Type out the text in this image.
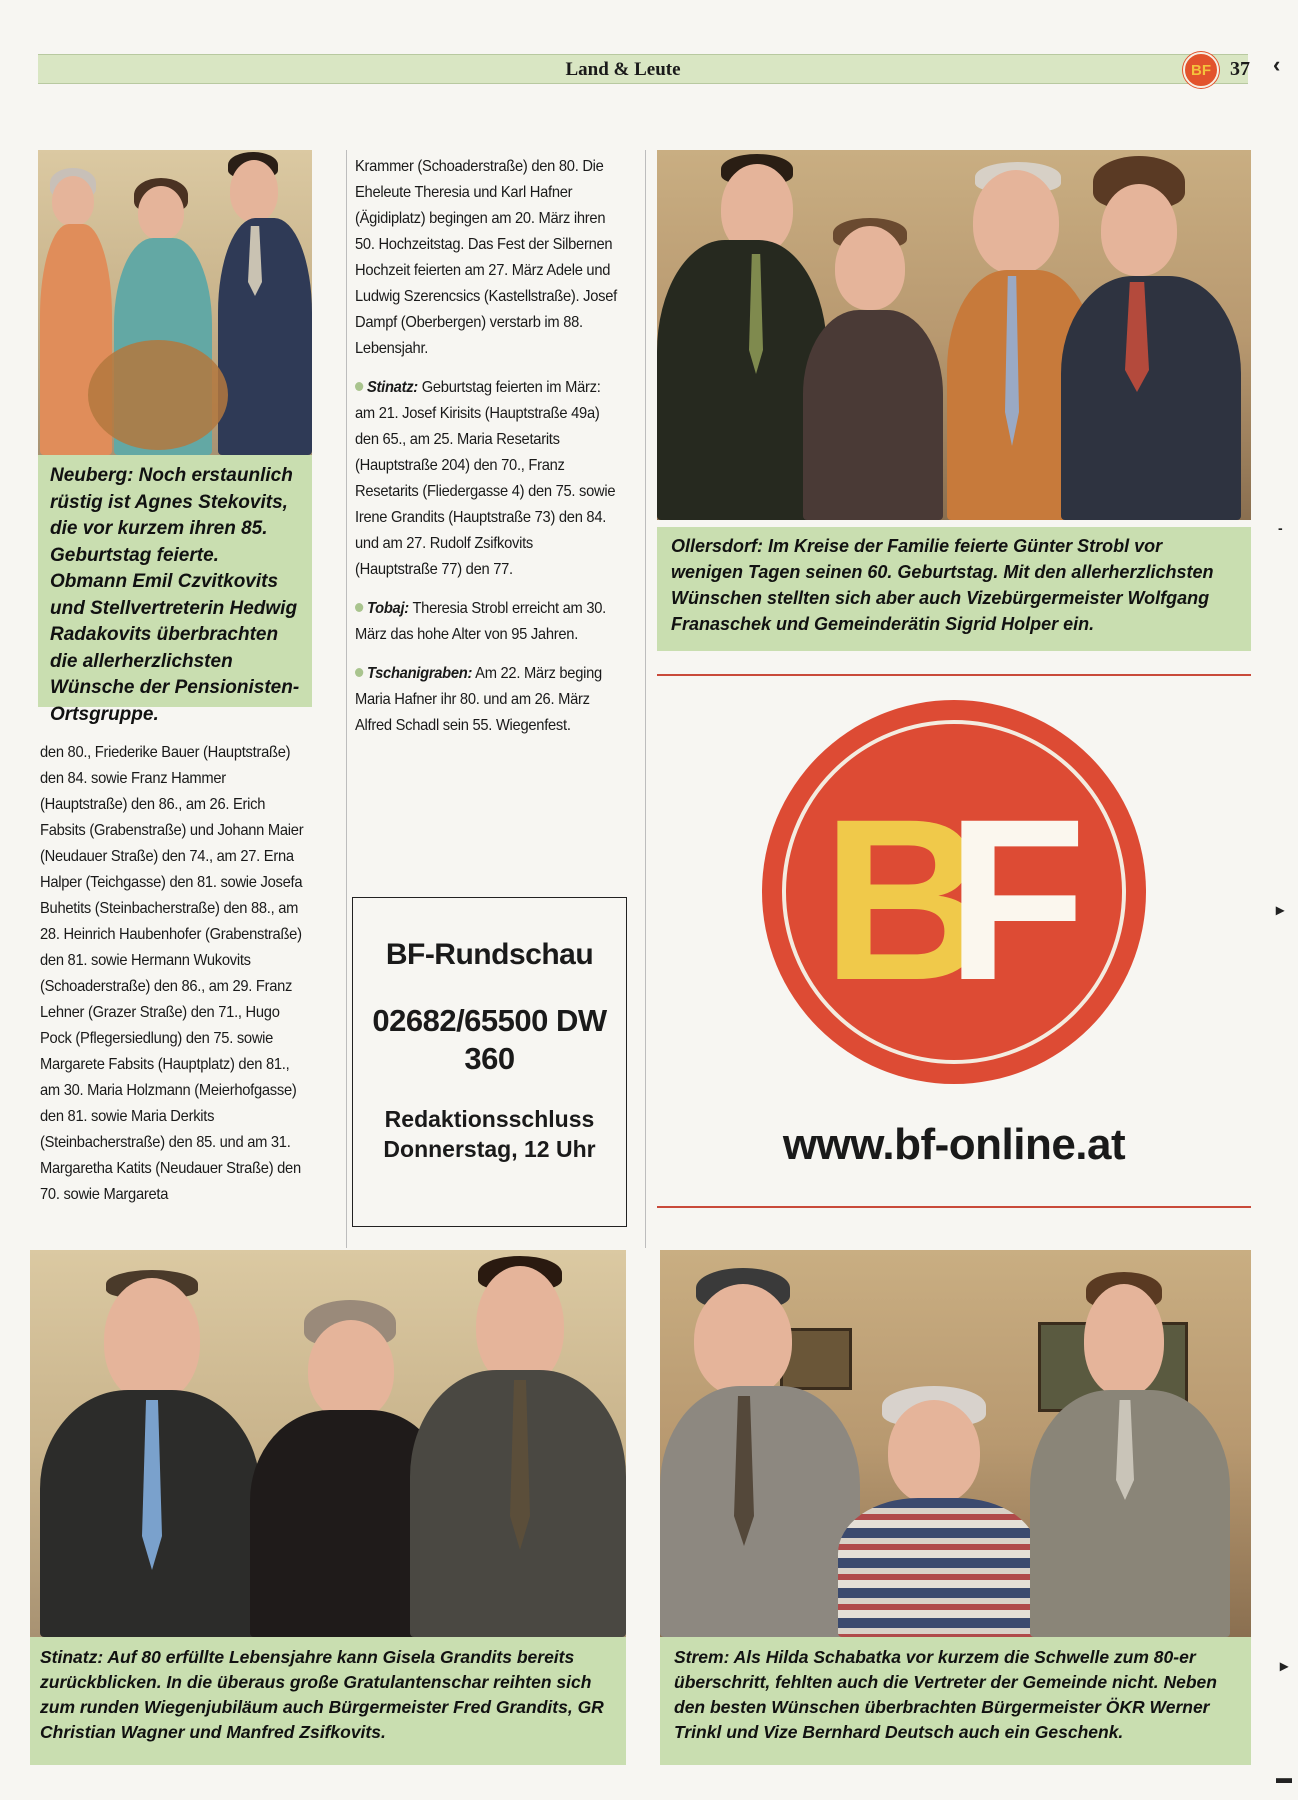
Land & Leute	BF 37 ‹
Neuberg: Noch erstaunlich rüstig ist Agnes Stekovits, die vor kurzem ihren 85. Geburtstag feierte. Obmann Emil Czvitkovits und Stellvertreterin Hedwig Radakovits überbrachten die allerherzlichsten Wünsche der Pensionisten-Ortsgruppe.
den 80., Friederike Bauer (Hauptstraße) den 84. sowie Franz Hammer (Hauptstraße) den 86., am 26. Erich Fabsits (Grabenstraße) und Johann Maier (Neudauer Straße) den 74., am 27. Erna Halper (Teichgasse) den 81. sowie Josefa Buhetits (Steinbacherstraße) den 88., am 28. Heinrich Haubenhofer (Grabenstraße) den 81. sowie Hermann Wukovits (Schoaderstraße) den 86., am 29. Franz Lehner (Grazer Straße) den 71., Hugo Pock (Pflegersiedlung) den 75. sowie Margarete Fabsits (Hauptplatz) den 81., am 30. Maria Holzmann (Meierhofgasse) den 81. sowie Maria Derkits (Steinbacherstraße) den 85. und am 31. Margaretha Katits (Neudauer Straße) den 70. sowie Margareta
Krammer (Schoaderstraße) den 80. Die Eheleute Theresia und Karl Hafner (Ägidiplatz) begingen am 20. März ihren 50. Hochzeitstag. Das Fest der Silbernen Hochzeit feierten am 27. März Adele und Ludwig Szerencsics (Kastellstraße). Josef Dampf (Oberbergen) verstarb im 88. Lebensjahr.
Stinatz: Geburtstag feierten im März: am 21. Josef Kirisits (Hauptstraße 49a) den 65., am 25. Maria Resetarits (Hauptstraße 204) den 70., Franz Resetarits (Fliedergasse 4) den 75. sowie Irene Grandits (Hauptstraße 73) den 84. und am 27. Rudolf Zsifkovits (Hauptstraße 77) den 77.
Tobaj: Theresia Strobl erreicht am 30. März das hohe Alter von 95 Jahren.
Tschanigraben: Am 22. März beging Maria Hafner ihr 80. und am 26. März Alfred Schadl sein 55. Wiegenfest.
BF-Rundschau
02682/65500 DW 360
Redaktionsschluss Donnerstag, 12 Uhr
Ollersdorf: Im Kreise der Familie feierte Günter Strobl vor wenigen Tagen seinen 60. Geburtstag. Mit den allerherzlichsten Wünschen stellten sich aber auch Vizebürgermeister Wolfgang Franaschek und Gemeinderätin Sigrid Holper ein.
B
F
www.bf-online.at
Stinatz: Auf 80 erfüllte Lebensjahre kann Gisela Grandits bereits zurückblicken. In die überaus große Gratulantenschar reihten sich zum runden Wiegenjubiläum auch Bürgermeister Fred Grandits, GR Christian Wagner und Manfred Zsifkovits.
Strem: Als Hilda Schabatka vor kurzem die Schwelle zum 80-er überschritt, fehlten auch die Vertreter der Gemeinde nicht. Neben den besten Wünschen überbrachten Bürgermeister ÖKR Werner Trinkl und Vize Bernhard Deutsch auch ein Geschenk.
-
▸
▸
▬
